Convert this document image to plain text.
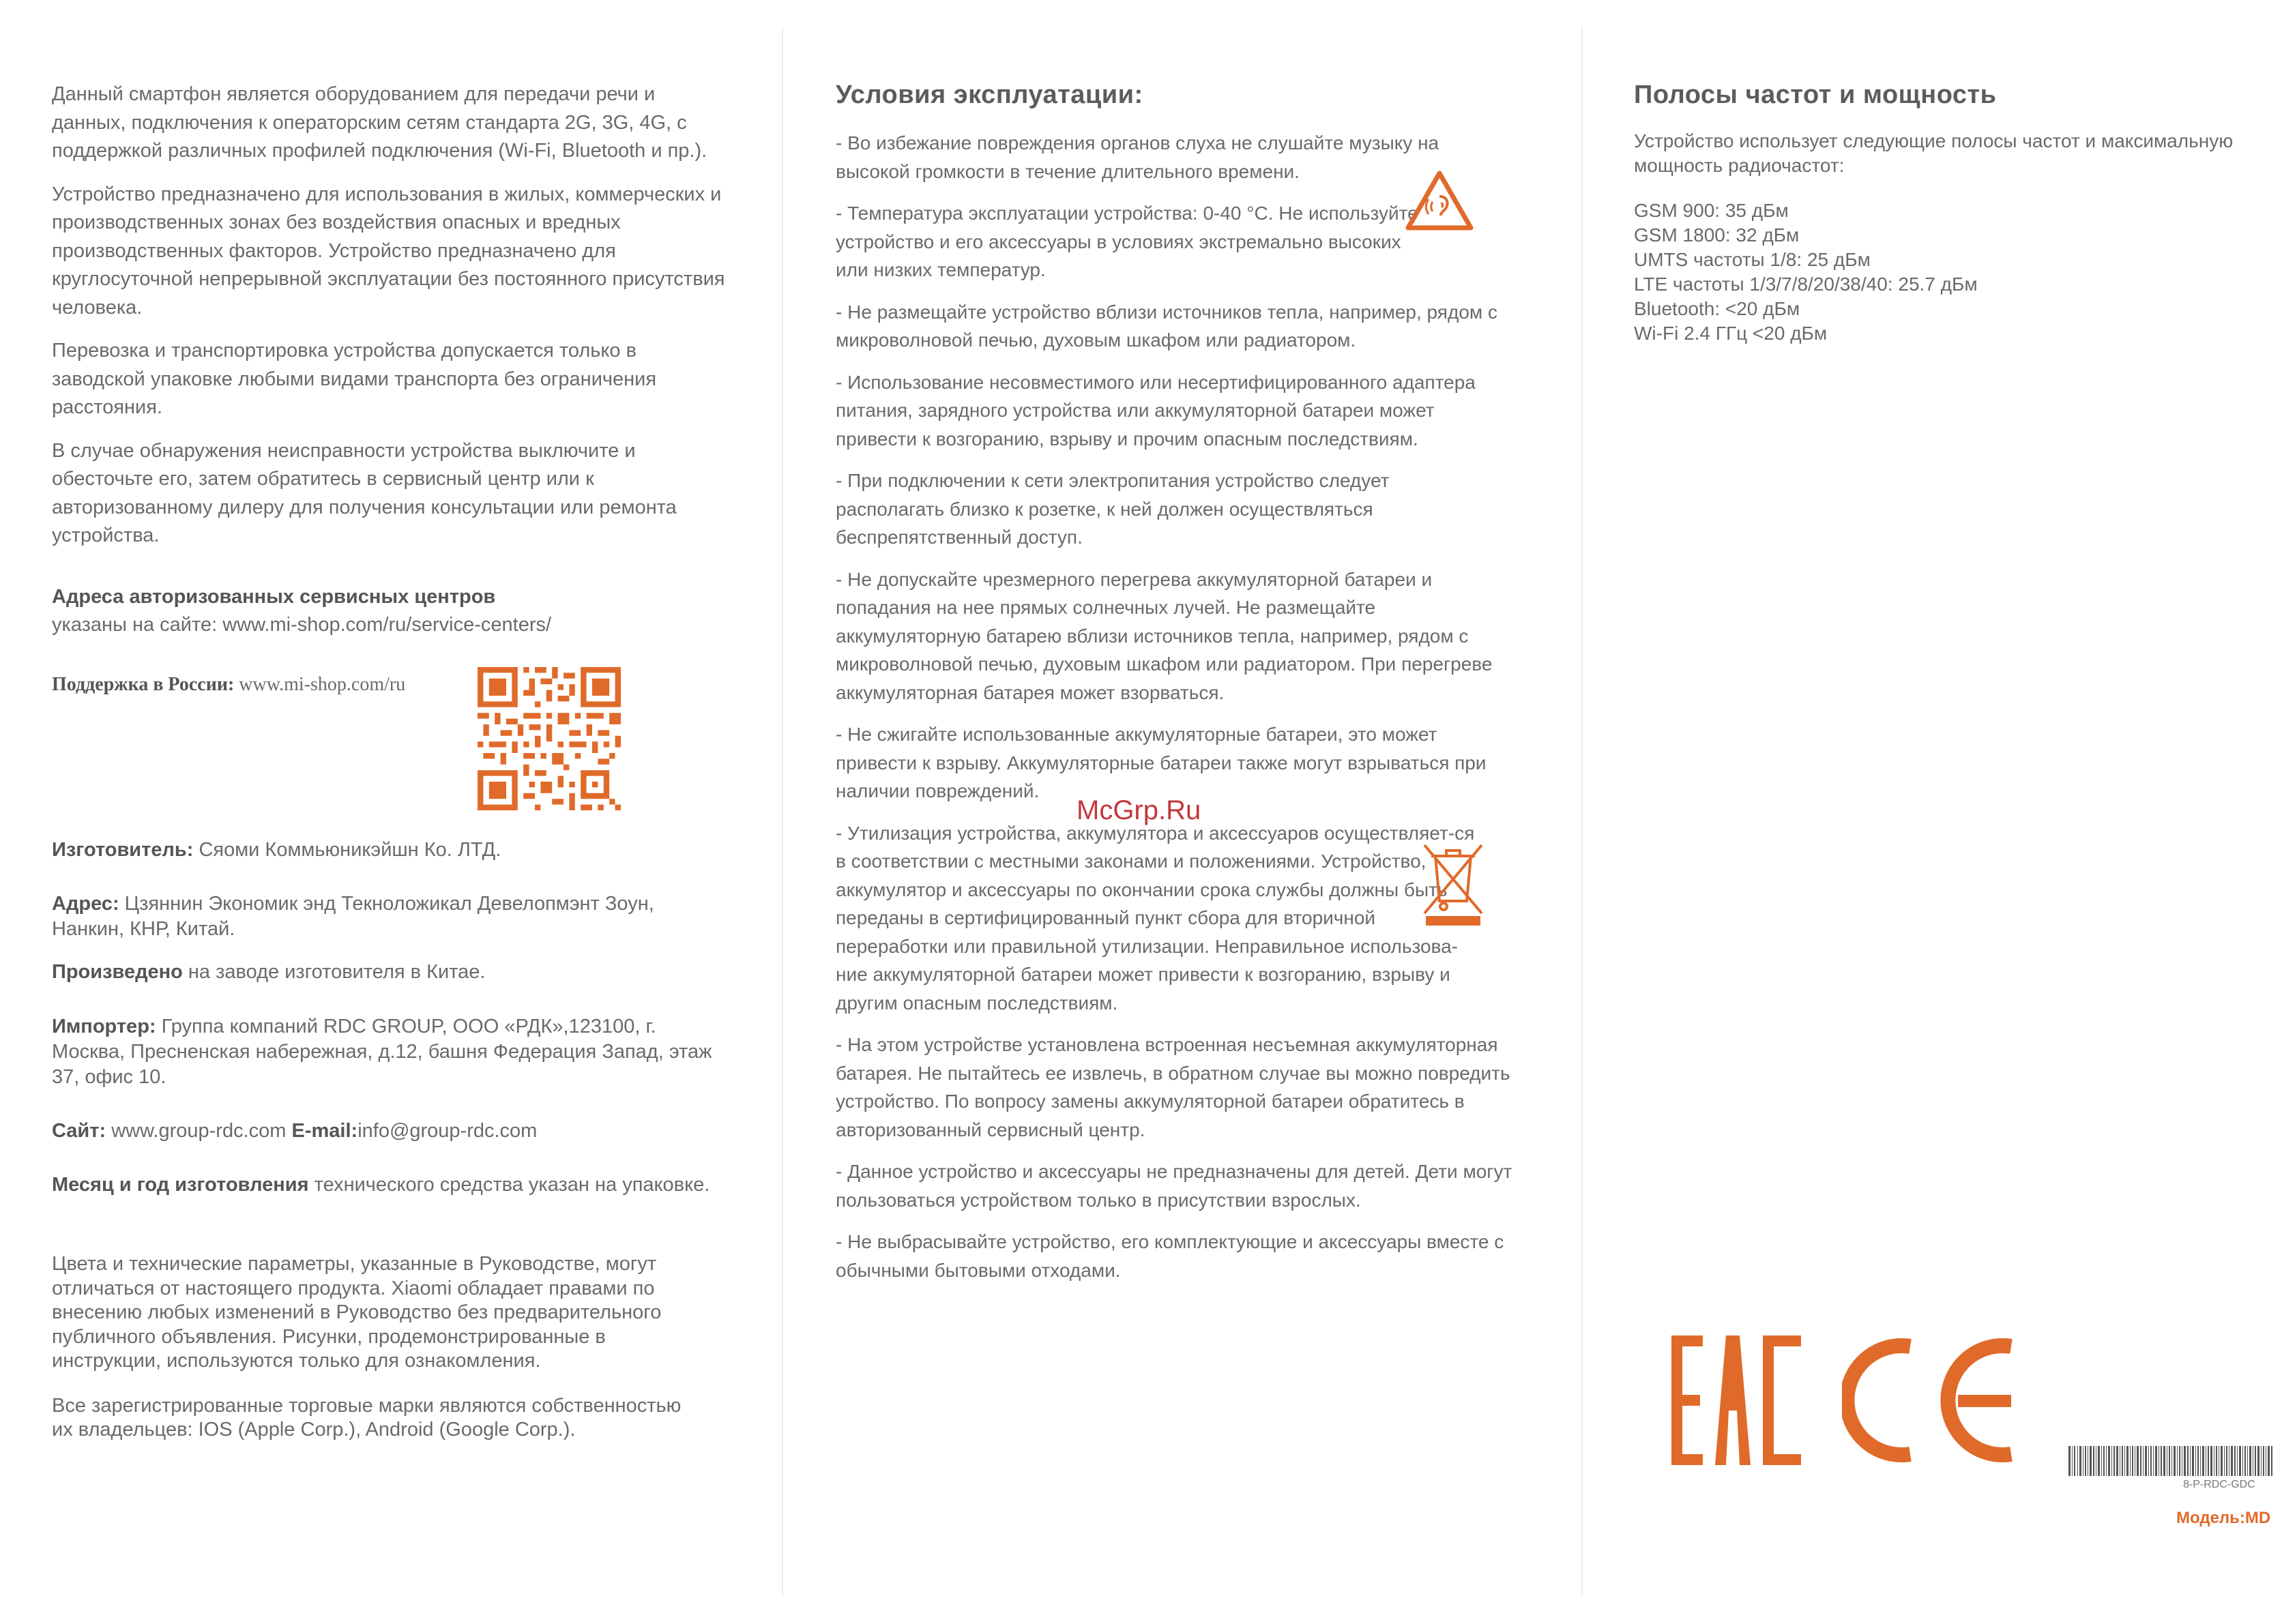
Данный смартфон является оборудованием для передачи речи и данных, подключения к операторским сетям стандарта 2G, 3G, 4G, с поддержкой различных профилей подключения (Wi-Fi, Bluetooth и пр.).

Устройство предназначено для использования в жилых, коммерческих и производственных зонах без воздействия опасных и вредных производственных факторов. Устройство предназначено для круглосуточной непрерывной эксплуатации без постоянного присутствия человека.

Перевозка и транспортировка устройства допускается только в заводской упаковке любыми видами транспорта без ограничения расстояния.

В случае обнаружения неисправности устройства выключите и обесточьте его, затем обратитесь в сервисный центр или к авторизованному дилеру для получения консультации или ремонта устройства.

Адреса авторизованных сервисных центров

указаны на сайте: www.mi-shop.com/ru/service-centers/

Поддержка в России: www.mi-shop.com/ru

Изготовитель: Сяоми Коммьюникэйшн Ко. ЛТД.

Адрес: Цзяннин Экономик энд Текноложикал Девелопмэнт Зоун, Нанкин, КНР, Китай.

Произведено на заводе изготовителя в Китае.

Импортер: Группа компаний RDC GROUP, ООО «РДК»,123100, г. Москва, Пресненская набережная, д.12, башня Федерация Запад, этаж 37, офис 10.

Сайт: www.group-rdc.com E-mail:info@group-rdc.com

Месяц и год изготовления технического средства указан на упаковке.

Цвета и технические параметры, указанные в Руководстве, могут отличаться от настоящего продукта. Xiaomi обладает правами по внесению любых изменений в Руководство без предварительного публичного объявления. Рисунки, продемонстрированные в инструкции, используются только для ознакомления.

Все зарегистрированные торговые марки являются собственностью их владельцев: IOS (Apple Corp.), Android (Google Corp.).

Условия эксплуатации:

- Во избежание повреждения органов слуха не слушайте музыку на высокой громкости в течение длительного времени.

- Температура эксплуатации устройства: 0-40 °С. Не используйте устройство и его аксессуары в условиях экстремально высоких или низких температур.

- Не размещайте устройство вблизи источников тепла, например, рядом с микроволновой печью, духовым шкафом или радиатором.

- Использование несовместимого или несертифицированного адаптера питания, зарядного устройства или аккумуляторной батареи может привести к возгоранию, взрыву и прочим опасным последствиям.

- При подключении к сети электропитания устройство следует располагать близко к розетке, к ней должен осуществляться беспрепятственный доступ.

- Не допускайте чрезмерного перегрева аккумуляторной батареи и попадания на нее прямых солнечных лучей. Не размещайте аккумуляторную батарею вблизи источников тепла, например, рядом с микроволновой печью, духовым шкафом или радиатором. При перегреве аккумуляторная батарея может взорваться.

- Не сжигайте использованные аккумуляторные батареи, это может привести к взрыву. Аккумуляторные батареи также могут взрываться при наличии повреждений.

- Утилизация устройства, аккумулятора и аксессуаров осуществляет-ся в соответствии с местными законами и положениями. Устройство, аккумулятор и аксессуары по окончании срока службы должны быть переданы в сертифицированный пункт сбора для вторичной переработки или правильной утилизации. Неправильное использова-ние аккумуляторной батареи может привести к возгоранию, взрыву и другим опасным последствиям.

- На этом устройстве установлена встроенная несъемная аккумуляторная батарея. Не пытайтесь ее извлечь, в обратном случае вы можно повредить устройство. По вопросу замены аккумуляторной батареи обратитесь в авторизованный сервисный центр.

- Данное устройство и аксессуары не предназначены для детей. Дети могут пользоваться устройством только в присутствии взрослых.

- Не выбрасывайте устройство, его комплектующие и аксессуары вместе с обычными бытовыми отходами.

McGrp.Ru
Полосы частот и мощность

Устройство использует следующие полосы частот и максимальную мощность радиочастот:

GSM 900: 35 дБм

GSM 1800: 32 дБм

UMTS частоты 1/8: 25 дБм

LTE частоты 1/3/7/8/20/38/40: 25.7 дБм

Bluetooth: <20 дБм

Wi-Fi 2.4 ГГц <20 дБм

8-P-RDC-GDC
Модель:MD
